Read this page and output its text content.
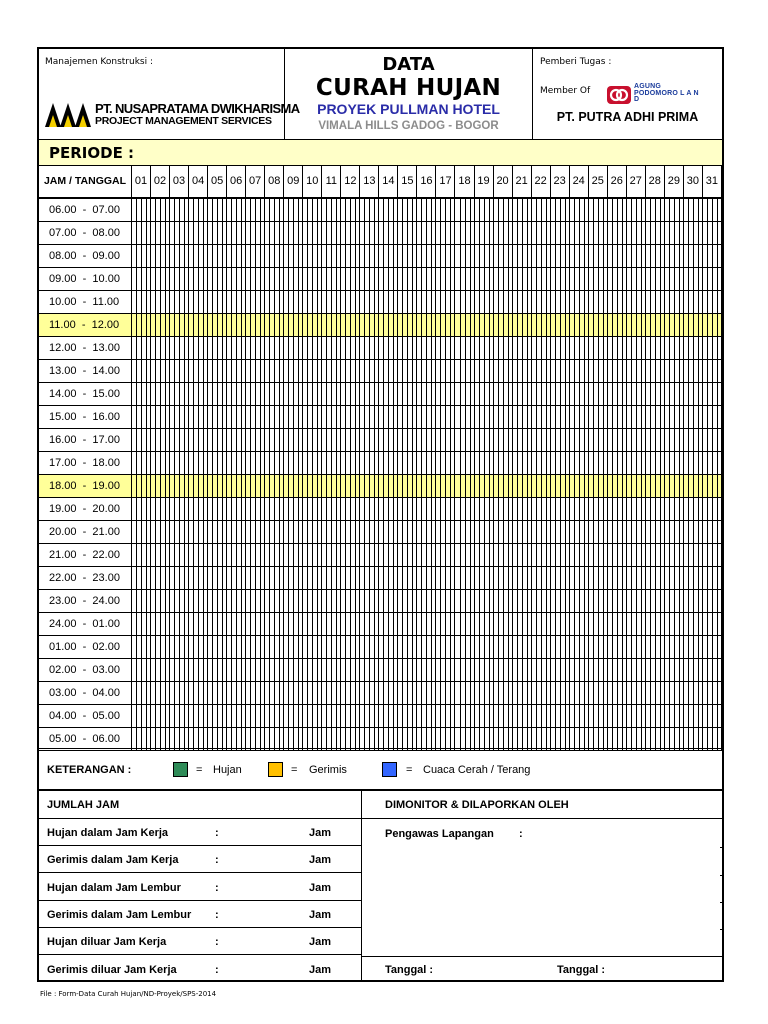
Manajemen Konstruksi :
PT. NUSAPRATAMA DWIKHARISMA
PROJECT MANAGEMENT SERVICES
DATA
CURAH HUJAN
PROYEK PULLMAN HOTEL
VIMALA HILLS GADOG - BOGOR
Pemberi Tugas :
Member Of	AGUNG PODOMORO L A N D
PT. PUTRA ADHI PRIMA
PERIODE :
JAM / TANGGAL 01 02 03 04 05 06 07 08 09 10 11 12 13 14 15 16 17 18 19 20 21 22 23 24 25 26 27 28 29 30 31
06.00  -  07.00
07.00  -  08.00
08.00  -  09.00
09.00  -  10.00
10.00  -  11.00
11.00  -  12.00
12.00  -  13.00
13.00  -  14.00
14.00  -  15.00
15.00  -  16.00
16.00  -  17.00
17.00  -  18.00
18.00  -  19.00
19.00  -  20.00
20.00  -  21.00
21.00  -  22.00
22.00  -  23.00
23.00  -  24.00
24.00  -  01.00
01.00  -  02.00
02.00  -  03.00
03.00  -  04.00
04.00  -  05.00
05.00  -  06.00
KETERANGAN :	= Hujan	= Gerimis	= Cuaca Cerah / Terang
JUMLAH JAM
Hujan dalam Jam Kerja	:	Jam
Gerimis dalam Jam Kerja	:	Jam
Hujan dalam Jam Lembur	:	Jam
Gerimis dalam Jam Lembur :	Jam
Hujan diluar Jam Kerja	:	Jam
Gerimis diluar Jam Kerja	:	Jam
DIMONITOR & DILAPORKAN OLEH
Pengawas Lapangan :
Tanggal :	Tanggal :
File : Form-Data Curah Hujan/ND-Proyek/SPS-2014
